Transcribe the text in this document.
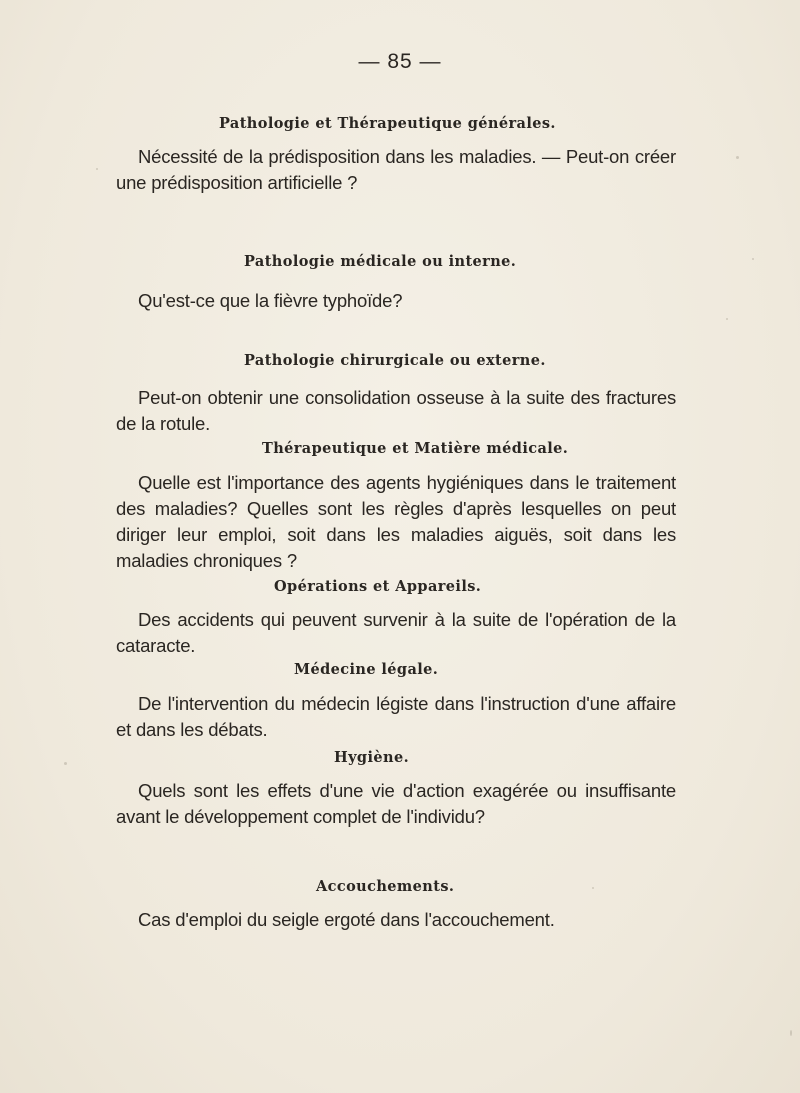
— 85 —
Pathologie et Thérapeutique générales.

Nécessité de la prédisposition dans les maladies. — Peut-on créer une prédisposition artificielle ?

Pathologie médicale ou interne.

Qu'est-ce que la fièvre typhoïde?

Pathologie chirurgicale ou externe.

Peut-on obtenir une consolidation osseuse à la suite des fractures de la rotule.

Thérapeutique et Matière médicale.

Quelle est l'importance des agents hygiéniques dans le traitement des maladies? Quelles sont les règles d'après lesquelles on peut diriger leur emploi, soit dans les maladies aiguës, soit dans les maladies chroniques ?

Opérations et Appareils.

Des accidents qui peuvent survenir à la suite de l'opération de la cataracte.

Médecine légale.

De l'intervention du médecin légiste dans l'instruction d'une affaire et dans les débats.

Hygiène.

Quels sont les effets d'une vie d'action exagérée ou insuffisante avant le développement complet de l'individu?

Accouchements.

Cas d'emploi du seigle ergoté dans l'accouchement.
